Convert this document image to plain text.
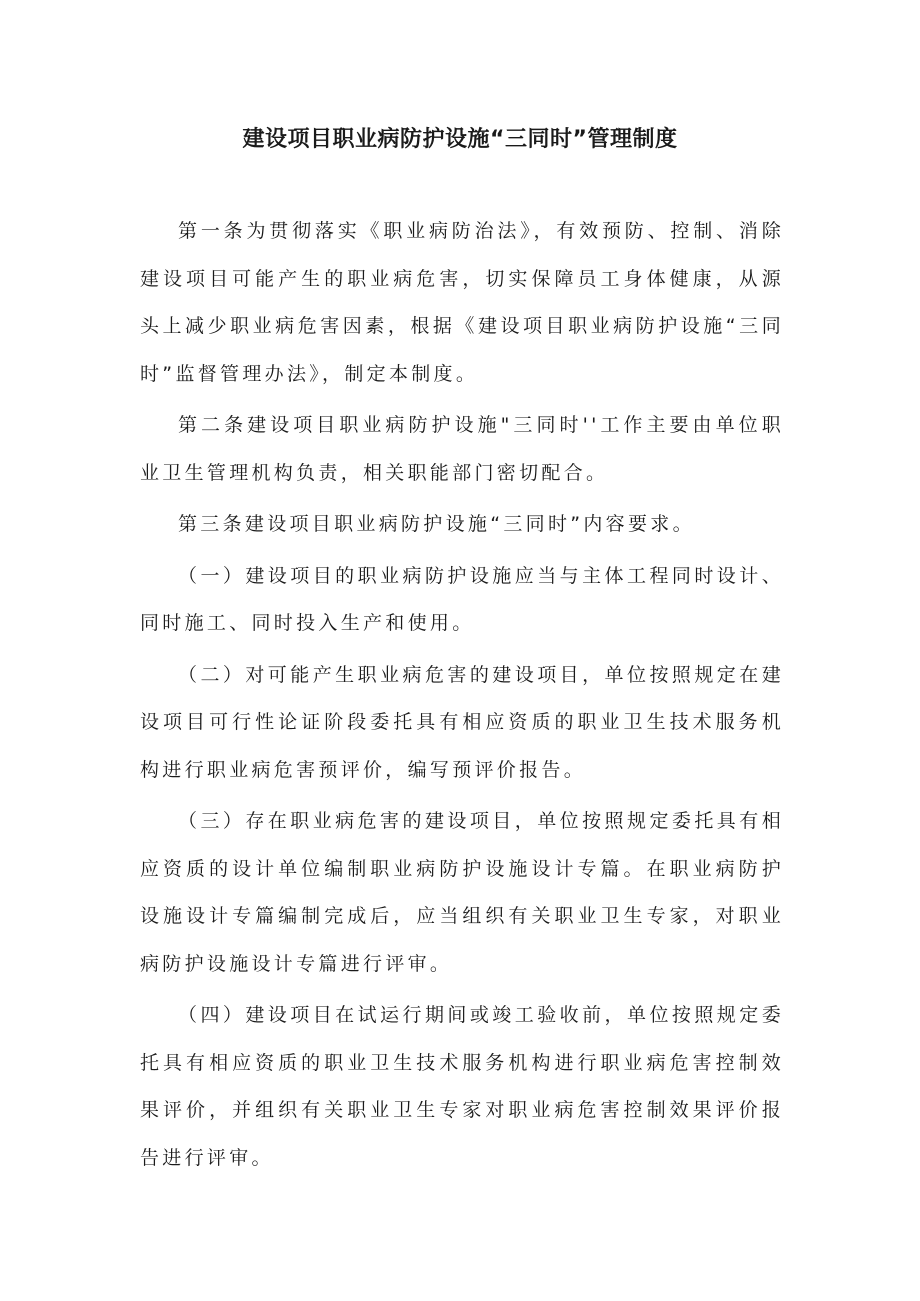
建设项目职业病防护设施“三同时”管理制度

第一条为贯彻落实《职业病防治法》，有效预防、控制、消除建设项目可能产生的职业病危害，切实保障员工身体健康，从源头上减少职业病危害因素，根据《建设项目职业病防护设施“三同时”监督管理办法》，制定本制度。

第二条建设项目职业病防护设施"三同时''工作主要由单位职业卫生管理机构负责，相关职能部门密切配合。

第三条建设项目职业病防护设施“三同时”内容要求。

（一）建设项目的职业病防护设施应当与主体工程同时设计、同时施工、同时投入生产和使用。

（二）对可能产生职业病危害的建设项目，单位按照规定在建设项目可行性论证阶段委托具有相应资质的职业卫生技术服务机构进行职业病危害预评价，编写预评价报告。

（三）存在职业病危害的建设项目，单位按照规定委托具有相应资质的设计单位编制职业病防护设施设计专篇。在职业病防护设施设计专篇编制完成后，应当组织有关职业卫生专家，对职业病防护设施设计专篇进行评审。

（四）建设项目在试运行期间或竣工验收前，单位按照规定委托具有相应资质的职业卫生技术服务机构进行职业病危害控制效果评价，并组织有关职业卫生专家对职业病危害控制效果评价报告进行评审。
